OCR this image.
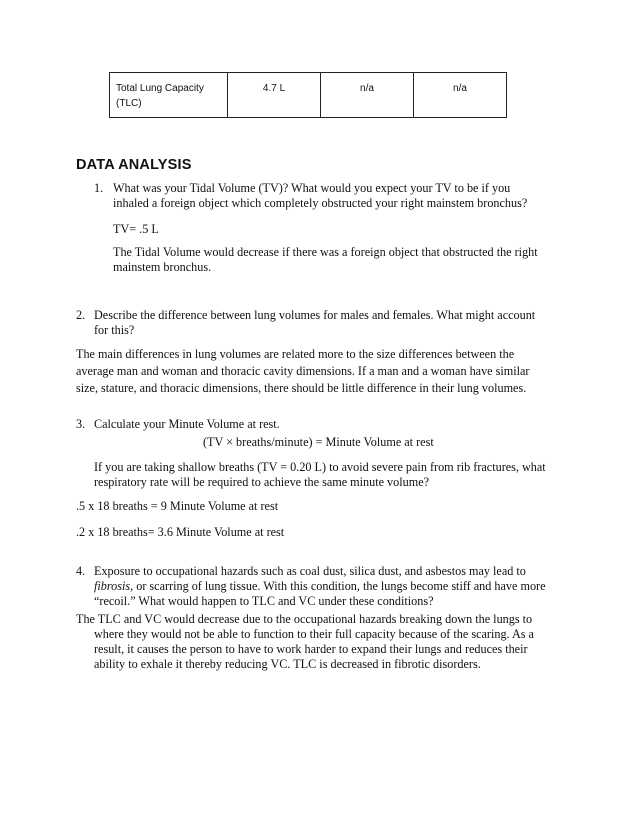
Total Lung Capacity
(TLC)	4.7 L	n/a	n/a
DATA ANALYSIS
1. What was your Tidal Volume (TV)? What would you expect your TV to be if you
inhaled a foreign object which completely obstructed your right mainstem bronchus?
TV= .5 L
The Tidal Volume would decrease if there was a foreign object that obstructed the right
mainstem bronchus.
2. Describe the difference between lung volumes for males and females. What might account
for this?
The main differences in lung volumes are related more to the size differences between the
average man and woman and thoracic cavity dimensions. If a man and a woman have similar
size, stature, and thoracic dimensions, there should be little difference in their lung volumes.
3. Calculate your Minute Volume at rest.
(TV × breaths/minute) = Minute Volume at rest
If you are taking shallow breaths (TV = 0.20 L) to avoid severe pain from rib fractures, what
respiratory rate will be required to achieve the same minute volume?
.5 x 18 breaths = 9 Minute Volume at rest
.2 x 18 breaths= 3.6 Minute Volume at rest
4. Exposure to occupational hazards such as coal dust, silica dust, and asbestos may lead to
fibrosis, or scarring of lung tissue. With this condition, the lungs become stiff and have more
“recoil.” What would happen to TLC and VC under these conditions?
The TLC and VC would decrease due to the occupational hazards breaking down the lungs to
where they would not be able to function to their full capacity because of the scaring. As a
result, it causes the person to have to work harder to expand their lungs and reduces their
ability to exhale it thereby reducing VC. TLC is decreased in fibrotic disorders.
